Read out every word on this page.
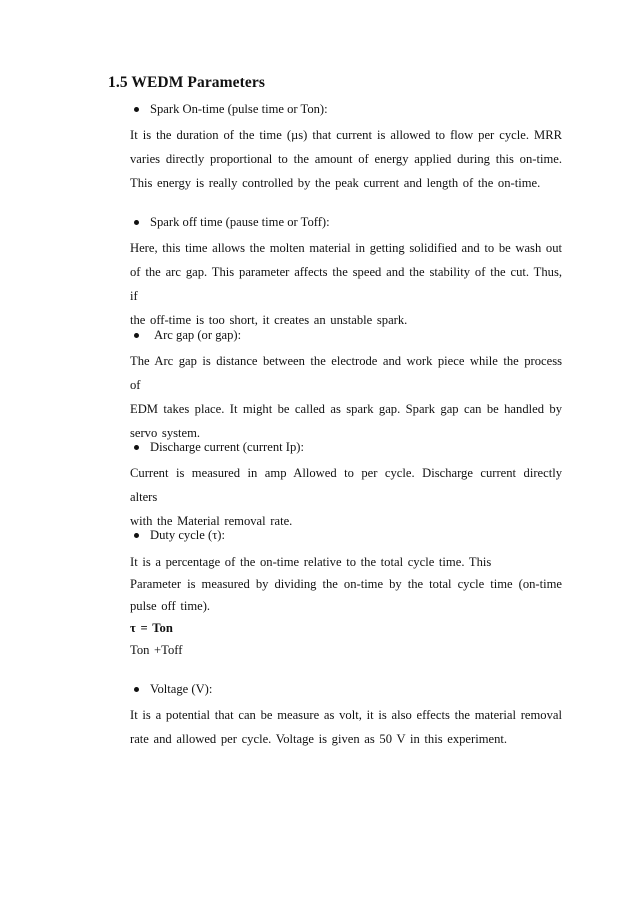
1.5 WEDM Parameters
Spark On-time (pulse time or Ton):
It is the duration of the time (µs) that current is allowed to flow per cycle. MRR
varies directly proportional to the amount of energy applied during this on-time.
This energy is really controlled by the peak current and length of the on-time.
Spark off time (pause time or Toff):
Here, this time allows the molten material in getting solidified and to be wash out
of the arc gap. This parameter affects the speed and the stability of the cut. Thus, if
the off-time is too short, it creates an unstable spark.
Arc gap (or gap):
The Arc gap is distance between the electrode and work piece while the process of
EDM takes place. It might be called as spark gap. Spark gap can be handled by
servo system.
Discharge current (current Ip):
Current is measured in amp Allowed to per cycle. Discharge current directly alters
with the Material removal rate.
Duty cycle (τ):
It is a percentage of the on-time relative to the total cycle time. This
Parameter is measured by dividing the on-time by the total cycle time (on-time
pulse off time).
τ = Ton
Ton +Toff
Voltage (V):
It is a potential that can be measure as volt, it is also effects the material removal
rate and allowed per cycle. Voltage is given as 50 V in this experiment.
